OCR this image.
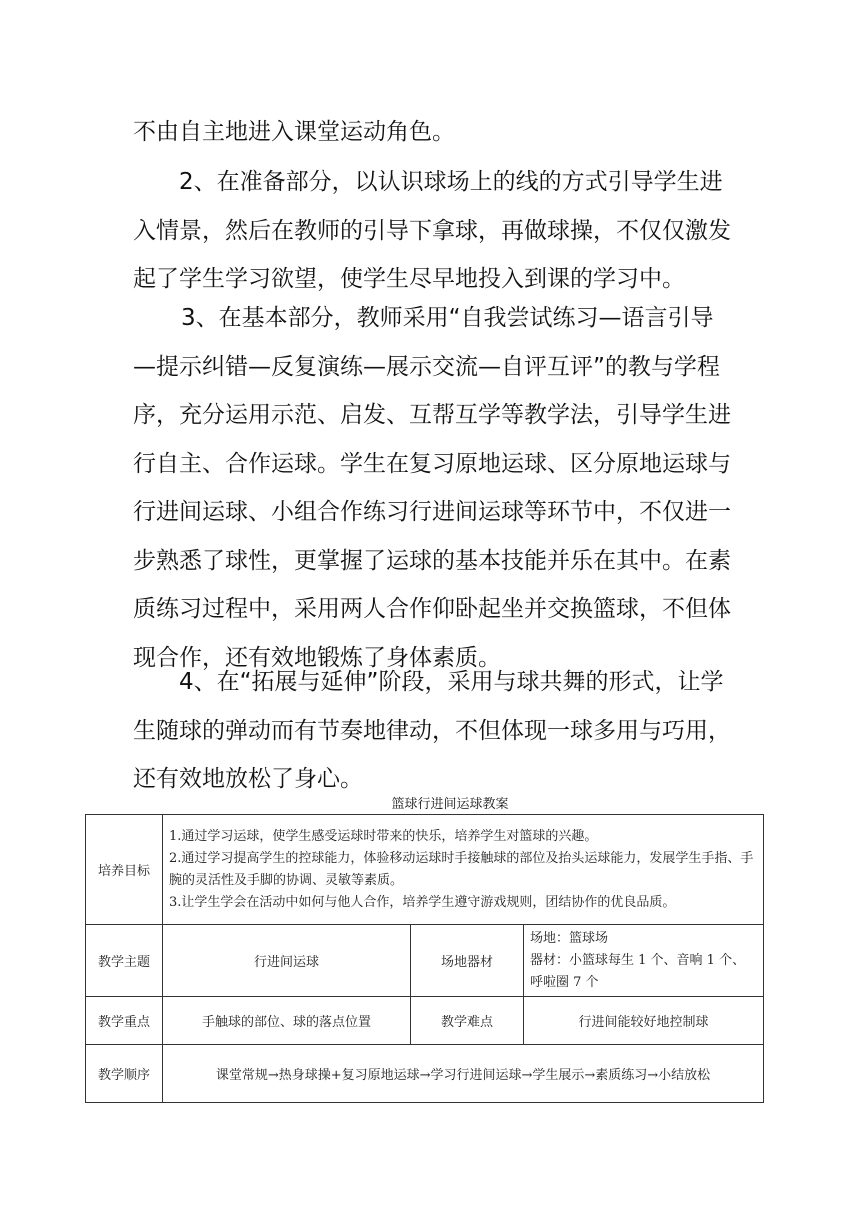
不由自主地进入课堂运动角色。

2、在准备部分，以认识球场上的线的方式引导学生进入情景，然后在教师的引导下拿球，再做球操，不仅仅激发起了学生学习欲望，使学生尽早地投入到课的学习中。

3、在基本部分，教师采用“自我尝试练习—语言引导—提示纠错—反复演练—展示交流—自评互评”的教与学程序，充分运用示范、启发、互帮互学等教学法，引导学生进行自主、合作运球。学生在复习原地运球、区分原地运球与行进间运球、小组合作练习行进间运球等环节中，不仅进一步熟悉了球性，更掌握了运球的基本技能并乐在其中。在素质练习过程中，采用两人合作仰卧起坐并交换篮球，不但体现合作，还有效地锻炼了身体素质。

4、在“拓展与延伸”阶段，采用与球共舞的形式，让学生随球的弹动而有节奏地律动，不但体现一球多用与巧用，还有效地放松了身心。

篮球行进间运球教案
培养目标	1.通过学习运球，使学生感受运球时带来的快乐，培养学生对篮球的兴趣。
2.通过学习提高学生的控球能力，体验移动运球时手接触球的部位及抬头运球能力，发展学生手指、手腕的灵活性及手脚的协调、灵敏等素质。
3.让学生学会在活动中如何与他人合作，培养学生遵守游戏规则，团结协作的优良品质。		

教学主题	行进间运球	场地器材	场地：篮球场
器材：小篮球每生 1 个、音响 1 个、呼啦圈 7 个

教学重点	手触球的部位、球的落点位置	教学难点	行进间能较好地控制球
教学顺序	课堂常规→热身球操+复习原地运球→学习行进间运球→学生展示→素质练习→小结放松		
